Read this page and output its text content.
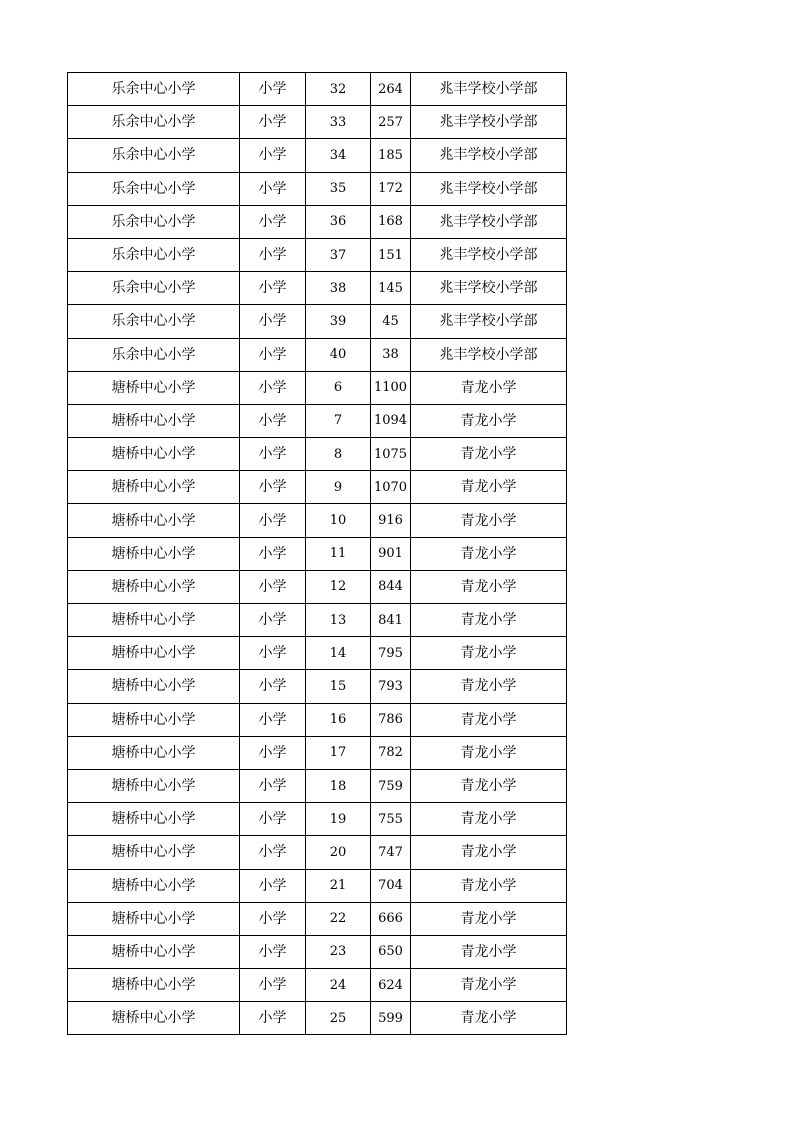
乐余中心小学	小学	32	264	兆丰学校小学部
乐余中心小学	小学	33	257	兆丰学校小学部
乐余中心小学	小学	34	185	兆丰学校小学部
乐余中心小学	小学	35	172	兆丰学校小学部
乐余中心小学	小学	36	168	兆丰学校小学部
乐余中心小学	小学	37	151	兆丰学校小学部
乐余中心小学	小学	38	145	兆丰学校小学部
乐余中心小学	小学	39	45	兆丰学校小学部
乐余中心小学	小学	40	38	兆丰学校小学部
塘桥中心小学	小学	6	1100	青龙小学
塘桥中心小学	小学	7	1094	青龙小学
塘桥中心小学	小学	8	1075	青龙小学
塘桥中心小学	小学	9	1070	青龙小学
塘桥中心小学	小学	10	916	青龙小学
塘桥中心小学	小学	11	901	青龙小学
塘桥中心小学	小学	12	844	青龙小学
塘桥中心小学	小学	13	841	青龙小学
塘桥中心小学	小学	14	795	青龙小学
塘桥中心小学	小学	15	793	青龙小学
塘桥中心小学	小学	16	786	青龙小学
塘桥中心小学	小学	17	782	青龙小学
塘桥中心小学	小学	18	759	青龙小学
塘桥中心小学	小学	19	755	青龙小学
塘桥中心小学	小学	20	747	青龙小学
塘桥中心小学	小学	21	704	青龙小学
塘桥中心小学	小学	22	666	青龙小学
塘桥中心小学	小学	23	650	青龙小学
塘桥中心小学	小学	24	624	青龙小学
塘桥中心小学	小学	25	599	青龙小学
